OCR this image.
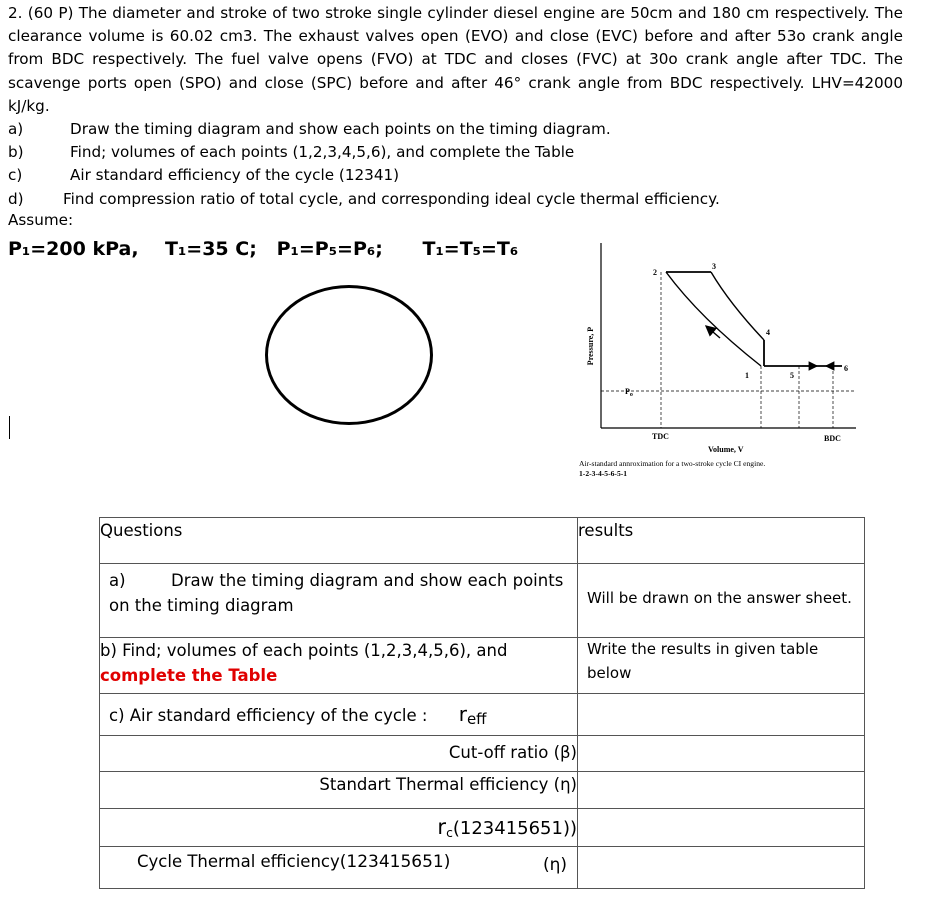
2. (60 P) The diameter and stroke of two stroke single cylinder diesel engine are 50cm and 180 cm respectively. The clearance volume is 60.02 cm3. The exhaust valves open (EVO) and close (EVC) before and after 53o crank angle from BDC respectively. The fuel valve opens (FVO) at TDC and closes (FVC) at 30o crank angle after TDC. The scavenge ports open (SPO) and close (SPC) before and after 46° crank angle from BDC respectively. LHV=42000 kJ/kg.

a)	Draw the timing diagram and show each points on the timing diagram.
b)	Find; volumes of each points (1,2,3,4,5,6), and complete the Table
c)	Air standard efficiency of the cycle (12341)
d)	Find compression ratio of total cycle, and corresponding ideal cycle thermal efficiency.
Assume:
P₁=200 kPa,    T₁=35 C;   P₁=P₅=P₆;      T₁=T₅=T₆
Pressure, P
$P_o$
2
3
4
1	5
6
TDC	BDC
Volume, V
Air-standard annroximation for a two-stroke cycle CI engine.
1-2-3-4-5-6-5-1
Questions	results
a) Draw the timing diagram and show each points on the timing diagram	Will be drawn on the answer sheet.
b) Find; volumes of each points (1,2,3,4,5,6), and complete the Table	Write the results in given table below
c) Air standard efficiency of the cycle : $r_{eff}$	
Cut-off ratio (β)	
Standart Thermal efficiency (η)	
$r_c(123415651)$)	
Cycle Thermal efficiency(123415651) (η)	
